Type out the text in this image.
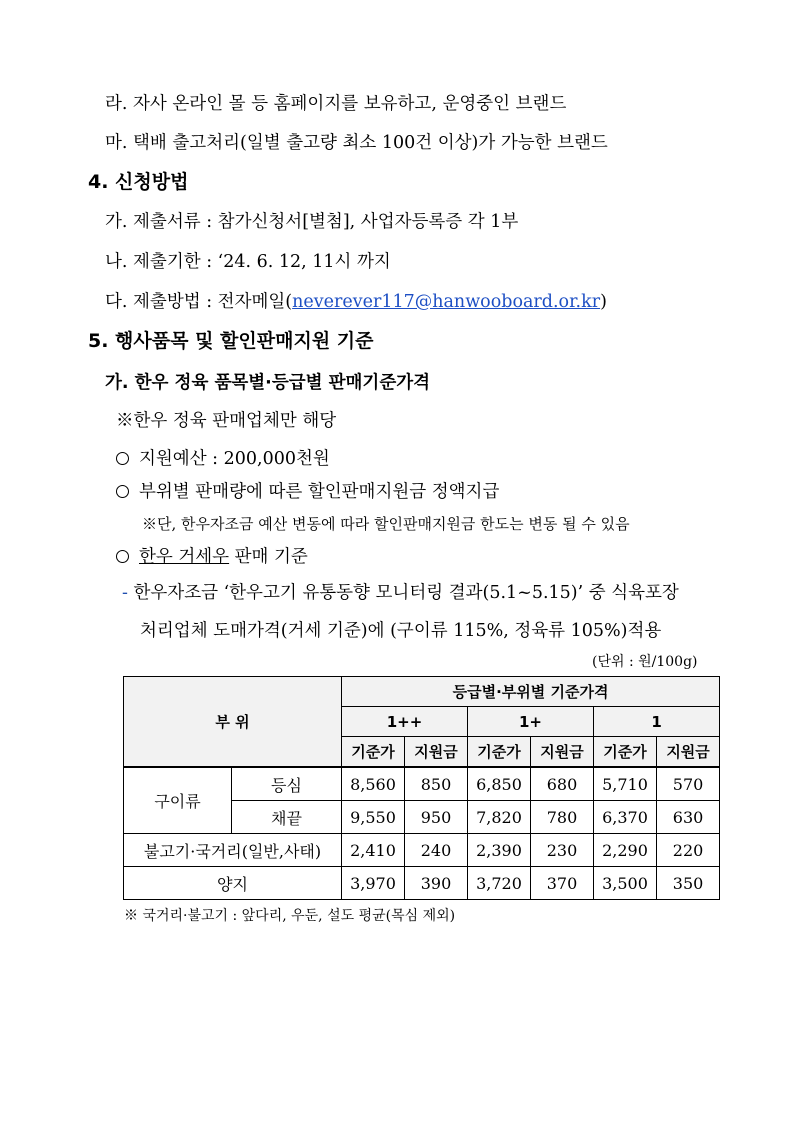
라. 자사 온라인 몰 등 홈페이지를 보유하고, 운영중인 브랜드
마. 택배 출고처리(일별 출고량 최소 100건 이상)가 가능한 브랜드
4. 신청방법
가. 제출서류 : 참가신청서[별첨], 사업자등록증 각 1부
나. 제출기한 : ‘24. 6. 12, 11시 까지
다. 제출방법 : 전자메일(neverever117@hanwooboard.or.kr)
5. 행사품목 및 할인판매지원 기준
가. 한우 정육 품목별·등급별 판매기준가격
※한우 정육 판매업체만 해당
지원예산 : 200,000천원
부위별 판매량에 따른 할인판매지원금 정액지급
※단, 한우자조금 예산 변동에 따라 할인판매지원금 한도는 변동 될 수 있음
한우 거세우 판매 기준
- 한우자조금 ‘한우고기 유통동향 모니터링 결과(5.1~5.15)’ 중 식육포장
처리업체 도매가격(거세 기준)에 (구이류 115%, 정육류 105%)적용
(단위 : 원/100g)
부 위		등급별·부위별 기준가격					
		1++		1+		1	
		기준가	지원금	기준가	지원금	기준가	지원금
구이류	등심	8,560	850	6,850	680	5,710	570
	채끝	9,550	950	7,820	780	6,370	630
불고기·국거리(일반,사태)		2,410	240	2,390	230	2,290	220
양지		3,970	390	3,720	370	3,500	350
※ 국거리·불고기 : 앞다리, 우둔, 설도 평균(목심 제외)
